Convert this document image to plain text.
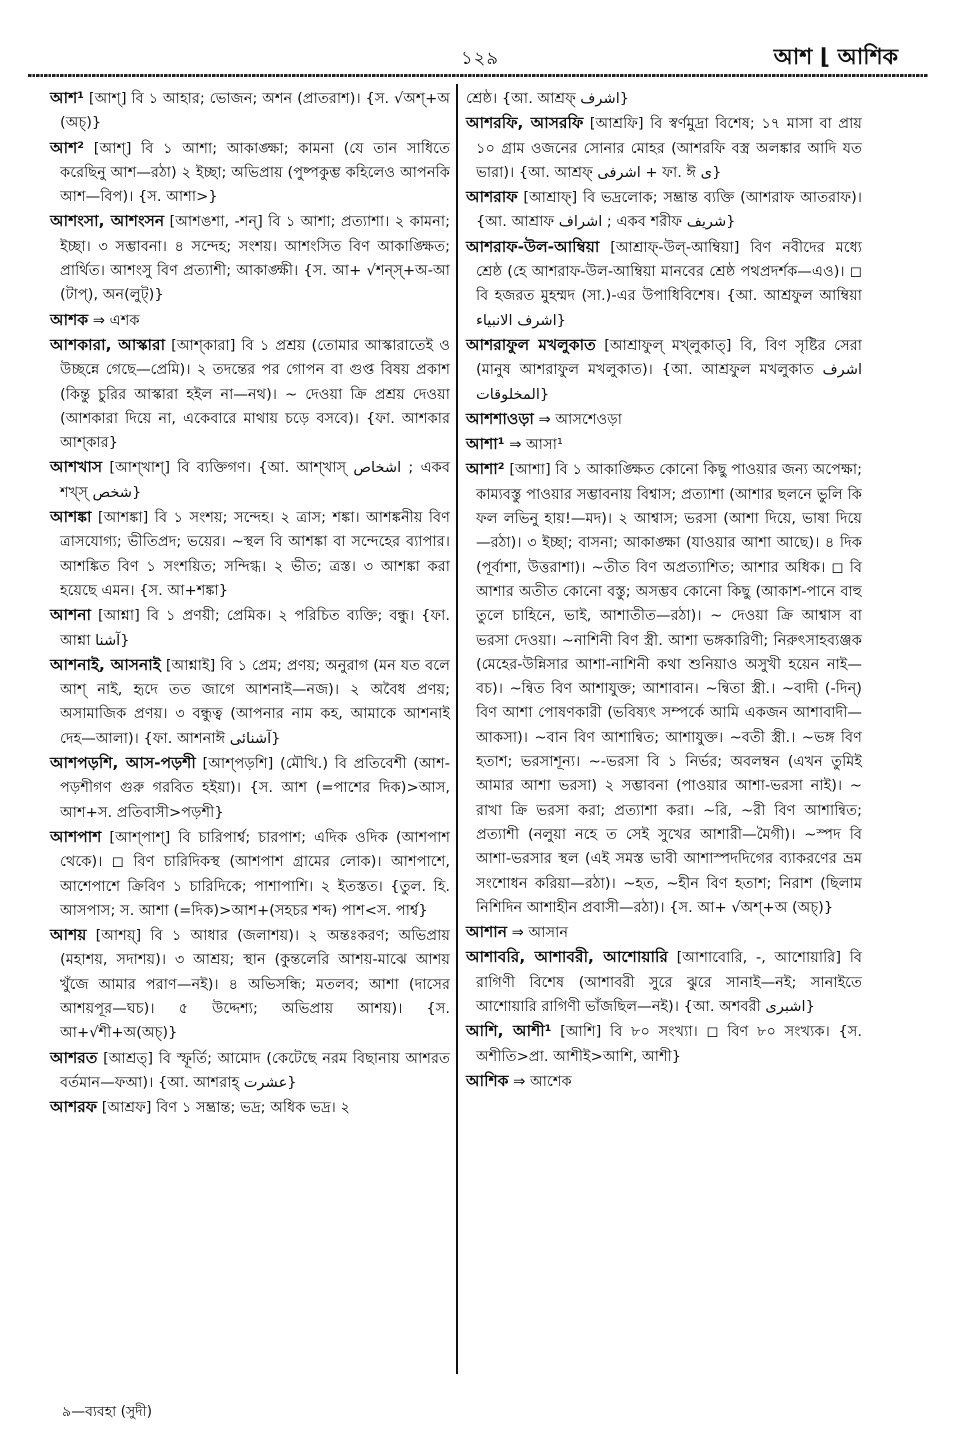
১২৯	আশ ⌊ আশিক

আশ¹ [আশ্] বি ১ আহার; ভোজন; অশন (প্রাতরাশ)। {স. √অশ্+অ (অচ্)}

আশ² [আশ্] বি ১ আশা; আকাঙ্ক্ষা; কামনা (যে তান সাধিতে করেছিনু আশ—রঠা) ২ ইচ্ছা; অভিপ্রায় (পুষ্পকুম্ভ কহিলেও আপনকি আশ—বিপ)। {স. আশা>}

আশংসা, আশংসন [আশঙশা, -শন্] বি ১ আশা; প্রত্যাশা। ২ কামনা; ইচ্ছা। ৩ সম্ভাবনা। ৪ সন্দেহ; সংশয়। আশংসিত বিণ আকাঙ্ক্ষিত; প্রার্থিত। আশংসু বিণ প্রত্যাশী; আকাঙ্ক্ষী। {স. আ+ √শন্স্+অ-আ (টাপ্), অন(লুট্)}

আশক ⇒ এশক

আশকারা, আস্কারা [আশ্কারা] বি ১ প্রশ্রয় (তোমার আস্কারাতেই ও উচ্ছন্নে গেছে—প্রেমি)। ২ তদন্তের পর গোপন বা গুপ্ত বিষয় প্রকাশ (কিন্তু চুরির আস্কারা হইল না—নথ)। ~ দেওয়া ক্রি প্রশ্রয় দেওয়া (আশকারা দিয়ে না, একেবারে মাথায় চড়ে বসবে)। {ফা. আশকার আশ্কার}

আশখাস [আশ্খাশ্] বি ব্যক্তিগণ। {আ. আশ্খাস্ اشخاص ; একব শখ্স্ شخص}

আশঙ্কা [আশঙ্কা] বি ১ সংশয়; সন্দেহ। ২ ত্রাস; শঙ্কা। আশঙ্কনীয় বিণ ত্রাসযোগ্য; ভীতিপ্রদ; ভয়ের। ~স্থল বি আশঙ্কা বা সন্দেহের ব্যাপার। আশঙ্কিত বিণ ১ সংশয়িত; সন্দিগ্ধ। ২ ভীত; ত্রস্ত। ৩ আশঙ্কা করা হয়েছে এমন। {স. আ+শঙ্কা}

আশনা [আশ্না] বি ১ প্রণয়ী; প্রেমিক। ২ পরিচিত ব্যক্তি; বন্ধু। {ফা. আশ্না آشنا}

আশনাই, আসনাই [আশ্নাই] বি ১ প্রেম; প্রণয়; অনুরাগ (মন যত বলে আশ্ নাই, হৃদে তত জাগে আশনাই—নজ)। ২ অবৈধ প্রণয়; অসামাজিক প্রণয়। ৩ বন্ধুত্ব (আপনার নাম কহ, আমাকে আশনাই দেহ—আলা)। {ফা. আশনাঈ آشنائی}

আশপড়শি, আস-পড়শী [আশ্পড়শি] (মৌখি.) বি প্রতিবেশী (আশ-পড়শীগণ গুরু গরবিত হইয়া)। {স. আশ (=পাশের দিক)>আস, আশ+স. প্রতিবাসী>পড়শী}

আশপাশ [আশ্পাশ্] বি চারিপার্শ্ব; চারপাশ; এদিক ওদিক (আশপাশ থেকে)। ◻ বিণ চারিদিকস্থ (আশপাশ গ্রামের লোক)। আশপাশে, আশেপাশে ক্রিবিণ ১ চারিদিকে; পাশাপাশি। ২ ইতস্তত। {তুল. হি. আসপাস; স. আশা (=দিক)>আশ+(সহচর শব্দ) পাশ<স. পার্শ্ব}

আশয় [আশয়্] বি ১ আধার (জলাশয়)। ২ অন্তঃকরণ; অভিপ্রায় (মহাশয়, সদাশয়)। ৩ আশ্রয়; স্থান (কুন্তলেরি আশয়-মাঝে আশয় খুঁজে আমার পরাণ—নই)। ৪ অভিসন্ধি; মতলব; আশা (দাসের আশয়পূর—ঘচ)। ৫ উদ্দেশ্য; অভিপ্রায় আশয়)। {স. আ+√শী+অ(অচ্)}

আশরত [আশ্রত্] বি স্ফূর্তি; আমোদ (কেটেছে নরম বিছানায় আশরত বর্তমান—ফআ)। {আ. আশরাহ্ عشرت}

আশরফ [আশ্রফ] বিণ ১ সম্ভ্রান্ত; ভদ্র; অধিক ভদ্র। ২

শ্রেষ্ঠ। {আ. আশ্রফ্ اشرف}

আশরফি, আসরফি [আশ্রফি] বি স্বর্ণমুদ্রা বিশেষ; ১৭ মাসা বা প্রায় ১০ গ্রাম ওজনের সোনার মোহর (আশরফি বস্ত্র অলঙ্কার আদি যত ভারা)। {আ. আশ্রফ্ اشرفی + ফা. ঈ ی}

আশরাফ [আশ্রাফ্] বি ভদ্রলোক; সম্ভ্রান্ত ব্যক্তি (আশরাফ আতরাফ)। {আ. আশ্রাফ اشراف ; একব শরীফ شریف}

আশরাফ-উল-আম্বিয়া [আশ্রাফ্-উল্-আম্বিয়া] বিণ নবীদের মধ্যে শ্রেষ্ঠ (হে আশরাফ-উল-আম্বিয়া মানবের শ্রেষ্ঠ পথপ্রদর্শক—এও)। ◻ বি হজরত মুহম্মদ (সা.)-এর উপাধিবিশেষ। {আ. আশ্রফুল আম্বিয়া اشرف الانبیاء}

আশরাফুল মখলুকাত [আশ্রাফুল্ মখ্লুকাত্] বি, বিণ সৃষ্টির সেরা (মানুষ আশরাফুল মখলুকাত)। {আ. আশ্রফুল মখলুকাত اشرف المخلوقات}

আশশাওড়া ⇒ আসশেওড়া

আশা¹ ⇒ আসা¹

আশা² [আশা] বি ১ আকাঙ্ক্ষিত কোনো কিছু পাওয়ার জন্য অপেক্ষা; কাম্যবস্তু পাওয়ার সম্ভাবনায় বিশ্বাস; প্রত্যাশা (আশার ছলনে ভুলি কি ফল লভিনু হায়!—মদ)। ২ আশ্বাস; ভরসা (আশা দিয়ে, ভাষা দিয়ে—রঠা)। ৩ ইচ্ছা; বাসনা; আকাঙ্ক্ষা (যাওয়ার আশা আছে)। ৪ দিক (পূর্বাশা, উত্তরাশা)। ~তীত বিণ অপ্রত্যাশিত; আশার অধিক। ◻ বি আশার অতীত কোনো বস্তু; অসম্ভব কোনো কিছু (আকাশ-পানে বাহু তুলে চাহিনে, ভাই, আশাতীত—রঠা)। ~ দেওয়া ক্রি আশ্বাস বা ভরসা দেওয়া। ~নাশিনী বিণ স্ত্রী. আশা ভঙ্গকারিণী; নিরুৎসাহব্যঞ্জক (মেহের-উন্নিসার আশা-নাশিনী কথা শুনিয়াও অসুখী হয়েন নাই—বচ)। ~ন্বিত বিণ আশাযুক্ত; আশাবান। ~ন্বিতা স্ত্রী.। ~বাদী (-দিন্) বিণ আশা পোষণকারী (ভবিষ্যৎ সম্পর্কে আমি একজন আশাবাদী—আকসা)। ~বান বিণ আশান্বিত; আশাযুক্ত। ~বতী স্ত্রী.। ~ভঙ্গ বিণ হতাশ; ভরসাশূন্য। ~-ভরসা বি ১ নির্ভর; অবলম্বন (এখন তুমিই আমার আশা ভরসা) ২ সম্ভাবনা (পাওয়ার আশা-ভরসা নাই)। ~ রাখা ক্রি ভরসা করা; প্রত্যাশা করা। ~রি, ~রী বিণ আশান্বিত; প্রত্যাশী (নলুয়া নহে ত সেই সুখের আশারী—মৈগী)। ~স্পদ বি আশা-ভরসার স্থল (এই সমস্ত ভাবী আশাস্পদদিগের ব্যাকরণের ভ্রম সংশোধন করিয়া—রঠা)। ~হত, ~হীন বিণ হতাশ; নিরাশ (ছিলাম নিশিদিন আশাহীন প্রবাসী—রঠা)। {স. আ+ √অশ্+অ (অচ্)}

আশান ⇒ আসান

আশাবরি, আশাবরী, আশোয়ারি [আশাবোরি, -, আশোয়ারি] বি রাগিণী বিশেষ (আশাবরী সুরে ঝুরে সানাই—নই; সানাইতে আশোয়ারি রাগিণী ভাঁজছিল—নই)। {আ. অশবরী اشبری}

আশি, আশী¹ [আশি] বি ৮০ সংখ্যা। ◻ বিণ ৮০ সংখ্যক। {স. অশীতি>প্রা. আশীই>আশি, আশী}

আশিক ⇒ আশেক

৯—ব্যবহা (সুদী)
